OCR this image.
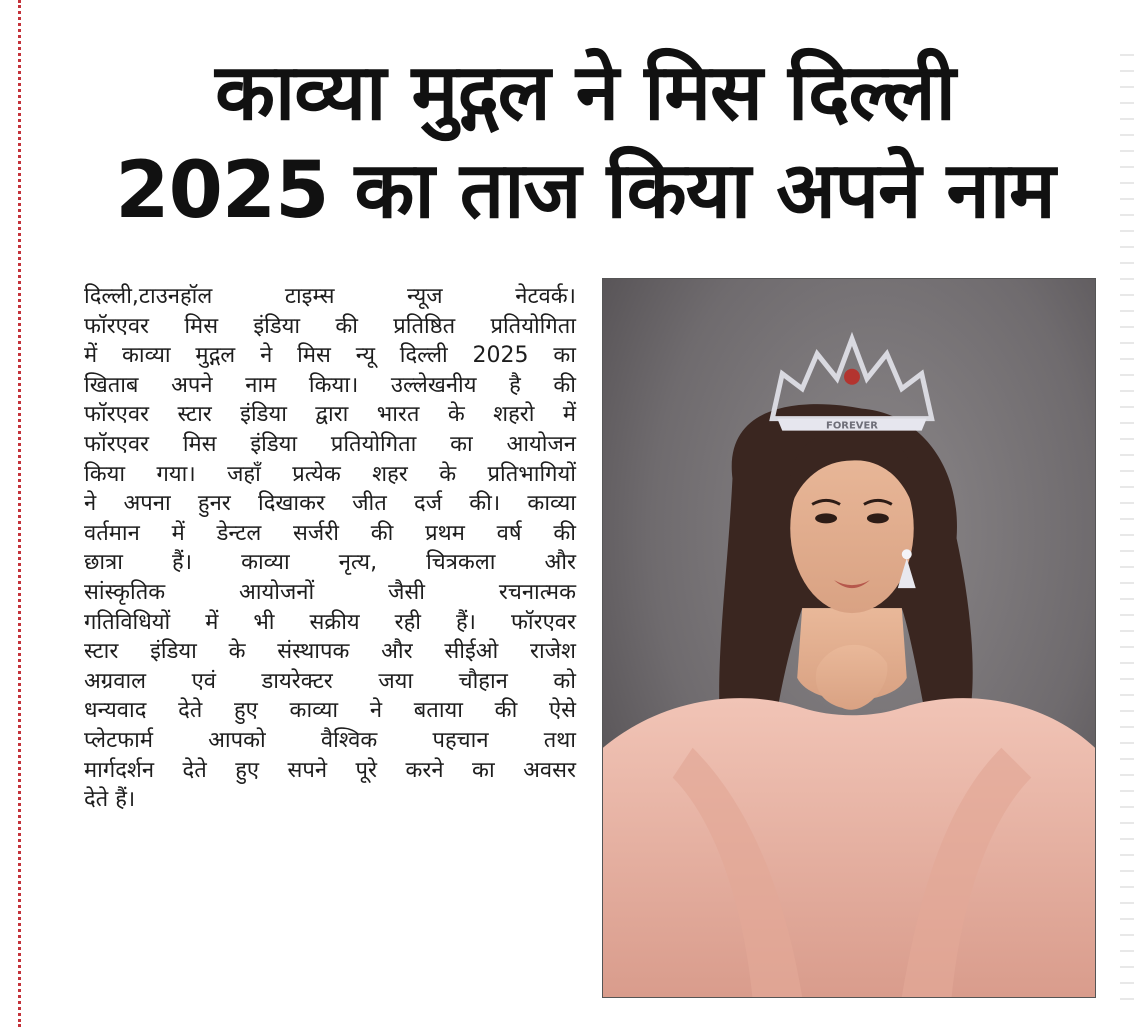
काव्या मुद्गल ने मिस दिल्ली
2025 का ताज किया अपने नाम
दिल्ली,टाउनहॉल टाइम्स न्यूज नेटवर्क।
फॉरएवर मिस इंडिया की प्रतिष्ठित प्रतियोगिता
में काव्या मुद्गल ने मिस न्यू दिल्ली 2025 का
खिताब अपने नाम किया। उल्लेखनीय है की
फॉरएवर स्टार इंडिया द्वारा भारत के शहरो में
फॉरएवर मिस इंडिया प्रतियोगिता का आयोजन
किया गया। जहाँ प्रत्येक शहर के प्रतिभागियों
ने अपना हुनर दिखाकर जीत दर्ज की। काव्या
वर्तमान में डेन्टल सर्जरी की प्रथम वर्ष की
छात्रा हैं। काव्या नृत्य, चित्रकला और
सांस्कृतिक आयोजनों जैसी रचनात्मक
गतिविधियों में भी सक्रीय रही हैं। फॉरएवर
स्टार इंडिया के संस्थापक और सीईओ राजेश
अग्रवाल एवं डायरेक्टर जया चौहान को
धन्यवाद देते हुए काव्या ने बताया की ऐसे
प्लेटफार्म आपको वैश्विक पहचान तथा
मार्गदर्शन देते हुए सपने पूरे करने का अवसर
देते हैं।
FOREVER
